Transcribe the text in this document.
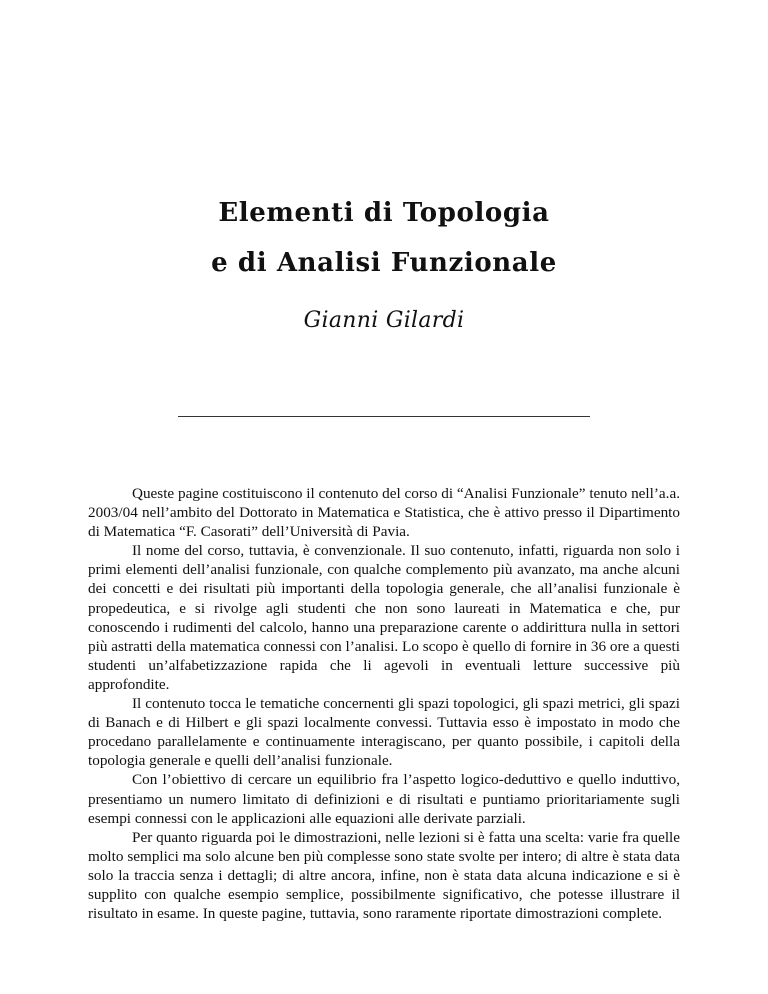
Elementi di Topologia
e di Analisi Funzionale
Gianni Gilardi

Queste pagine costituiscono il contenuto del corso di “Analisi Funzionale” tenuto nell’a.a. 2003/04 nell’ambito del Dottorato in Matematica e Statistica, che è attivo presso il Dipartimento di Matematica “F. Casorati” dell’Università di Pavia.

Il nome del corso, tuttavia, è convenzionale. Il suo contenuto, infatti, riguarda non solo i primi elementi dell’analisi funzionale, con qualche complemento più avanzato, ma anche alcuni dei concetti e dei risultati più importanti della topologia generale, che all’analisi funzionale è propedeutica, e si rivolge agli studenti che non sono laureati in Matematica e che, pur conoscendo i rudimenti del calcolo, hanno una preparazione carente o addirittura nulla in settori più astratti della matematica connessi con l’analisi. Lo scopo è quello di fornire in 36 ore a questi studenti un’alfabetizzazione rapida che li agevoli in eventuali letture successive più approfondite.

Il contenuto tocca le tematiche concernenti gli spazi topologici, gli spazi metrici, gli spazi di Banach e di Hilbert e gli spazi localmente convessi. Tuttavia esso è impostato in modo che procedano parallelamente e continuamente interagiscano, per quanto possibile, i capitoli della topologia generale e quelli dell’analisi funzionale.

Con l’obiettivo di cercare un equilibrio fra l’aspetto logico-deduttivo e quello induttivo, presentiamo un numero limitato di definizioni e di risultati e puntiamo prioritariamente sugli esempi connessi con le applicazioni alle equazioni alle derivate parziali.

Per quanto riguarda poi le dimostrazioni, nelle lezioni si è fatta una scelta: varie fra quelle molto semplici ma solo alcune ben più complesse sono state svolte per intero; di altre è stata data solo la traccia senza i dettagli; di altre ancora, infine, non è stata data alcuna indicazione e si è supplito con qualche esempio semplice, possibilmente significativo, che potesse illustrare il risultato in esame. In queste pagine, tuttavia, sono raramente riportate dimostrazioni complete.
